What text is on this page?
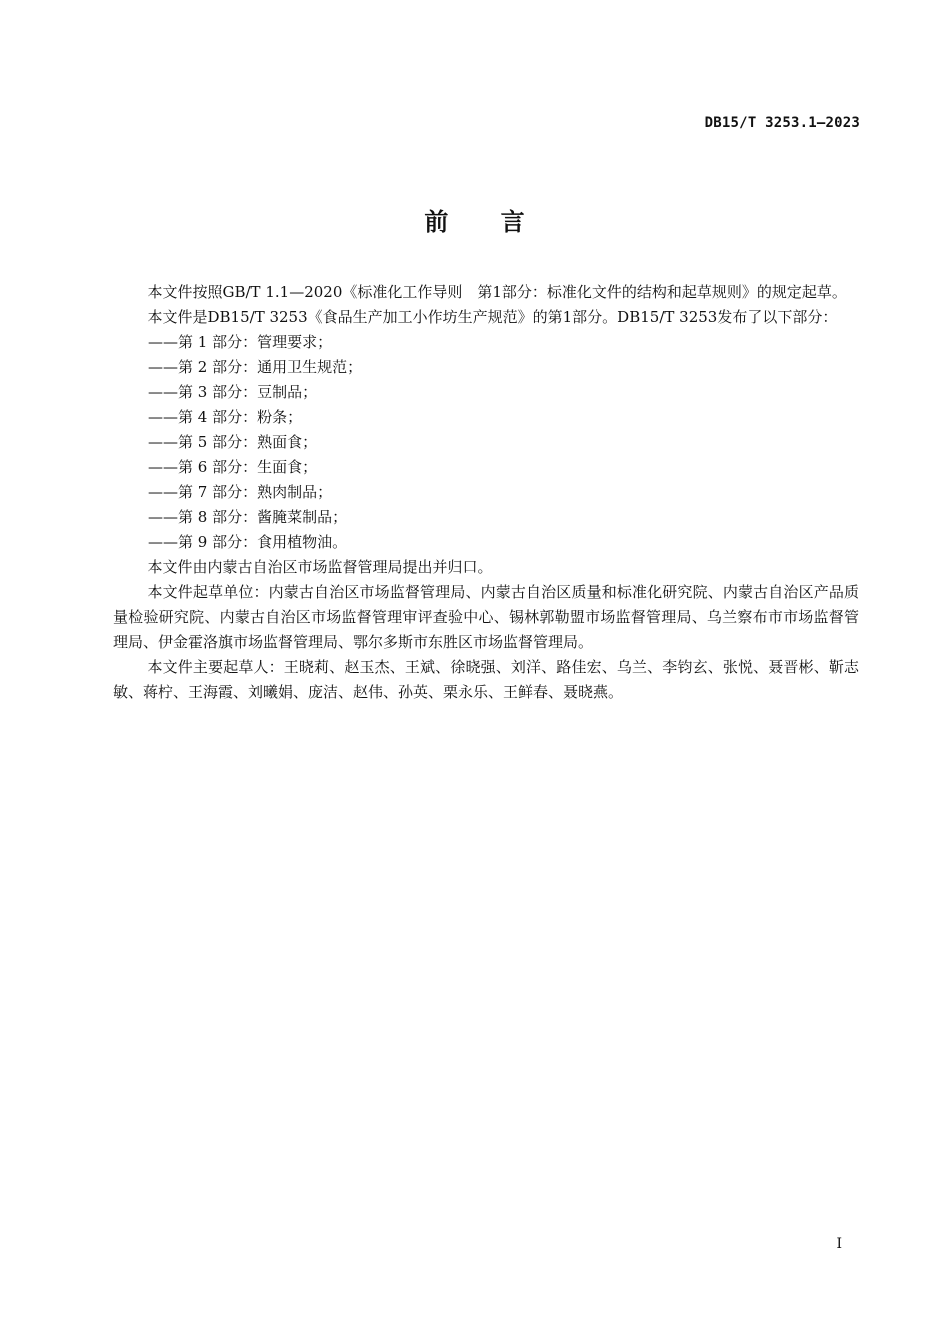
DB15/T 3253.1—2023
前 言

本文件按照GB/T 1.1—2020《标准化工作导则　第1部分：标准化文件的结构和起草规则》的规定起草。

本文件是DB15/T 3253《食品生产加工小作坊生产规范》的第1部分。DB15/T 3253发布了以下部分：

——第 1 部分：管理要求；
——第 2 部分：通用卫生规范；
——第 3 部分：豆制品；
——第 4 部分：粉条；
——第 5 部分：熟面食；
——第 6 部分：生面食；
——第 7 部分：熟肉制品；
——第 8 部分：酱腌菜制品；
——第 9 部分：食用植物油。

本文件由内蒙古自治区市场监督管理局提出并归口。

本文件起草单位：内蒙古自治区市场监督管理局、内蒙古自治区质量和标准化研究院、内蒙古自治区产品质量检验研究院、内蒙古自治区市场监督管理审评查验中心、锡林郭勒盟市场监督管理局、乌兰察布市市场监督管理局、伊金霍洛旗市场监督管理局、鄂尔多斯市东胜区市场监督管理局。

本文件主要起草人：王晓莉、赵玉杰、王斌、徐晓强、刘洋、路佳宏、乌兰、李钧玄、张悦、聂晋彬、靳志敏、蒋柠、王海霞、刘曦娟、庞洁、赵伟、孙英、栗永乐、王鲜春、聂晓燕。

I
